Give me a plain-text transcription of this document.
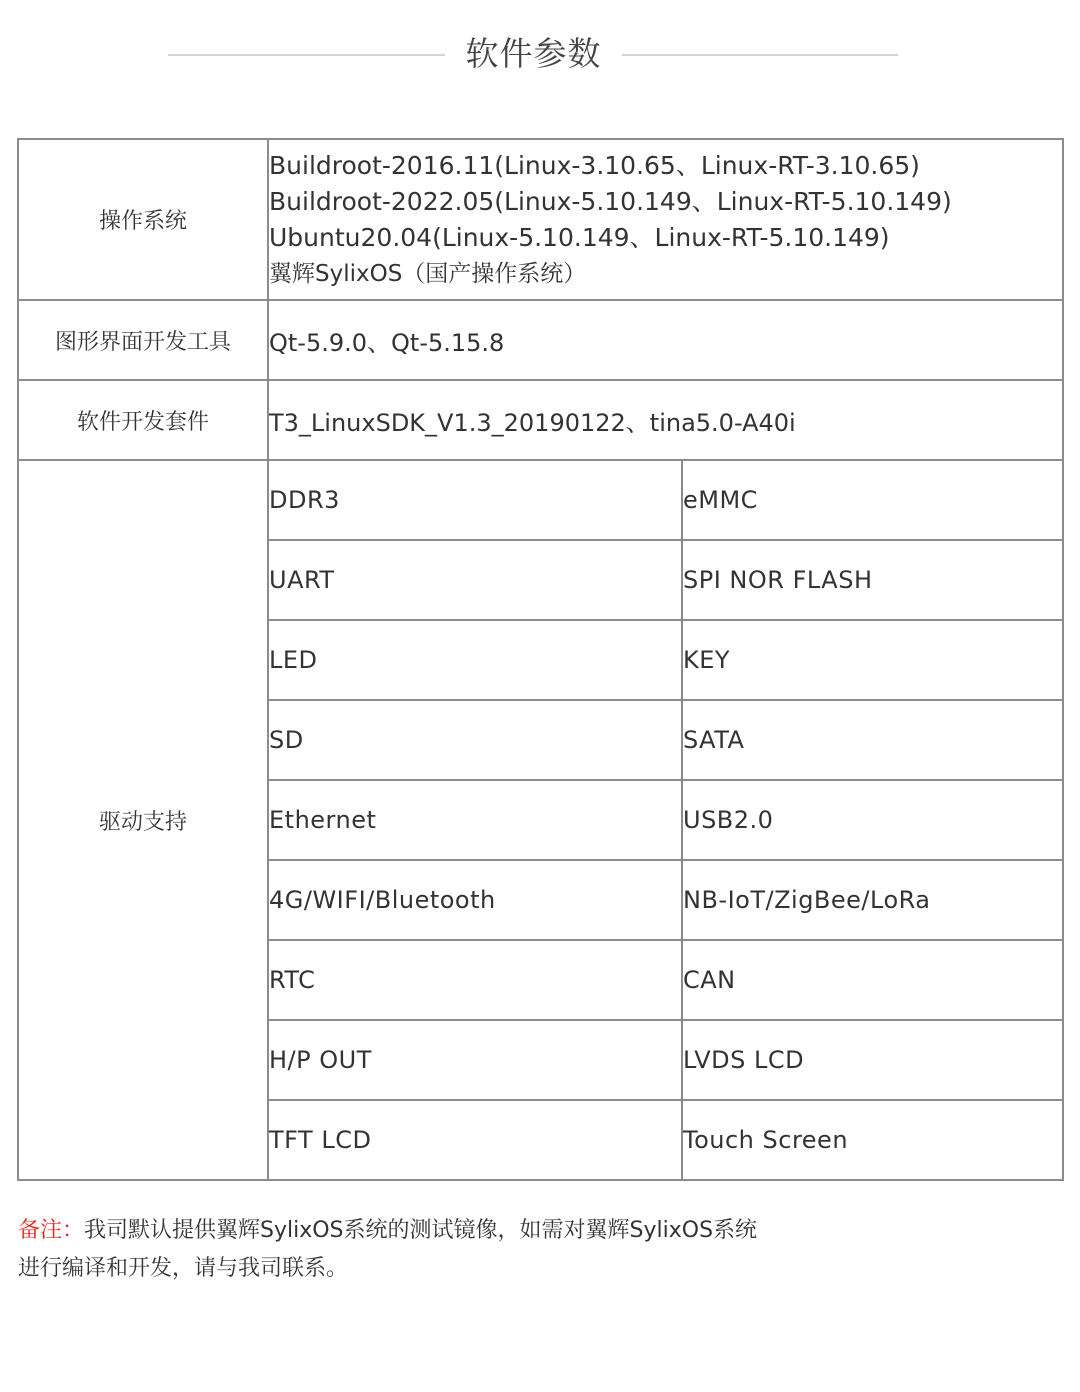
软件参数
操作系统	Buildroot-2016.11(Linux-3.10.65、Linux-RT-3.10.65)
Buildroot-2022.05(Linux-5.10.149、Linux-RT-5.10.149)
Ubuntu20.04(Linux-5.10.149、Linux-RT-5.10.149)
翼辉SylixOS（国产操作系统）	

图形界面开发工具	Qt-5.9.0、Qt-5.15.8	
软件开发套件	T3_LinuxSDK_V1.3_20190122、tina5.0-A40i	
驱动支持	DDR3	eMMC
	UART	SPI NOR FLASH
	LED	KEY
	SD	SATA
	Ethernet	USB2.0
	4G/WIFI/Bluetooth	NB-IoT/ZigBee/LoRa
	RTC	CAN
	H/P OUT	LVDS LCD
	TFT LCD	Touch Screen
备注：我司默认提供翼辉SylixOS系统的测试镜像，如需对翼辉SylixOS系统
进行编译和开发，请与我司联系。
